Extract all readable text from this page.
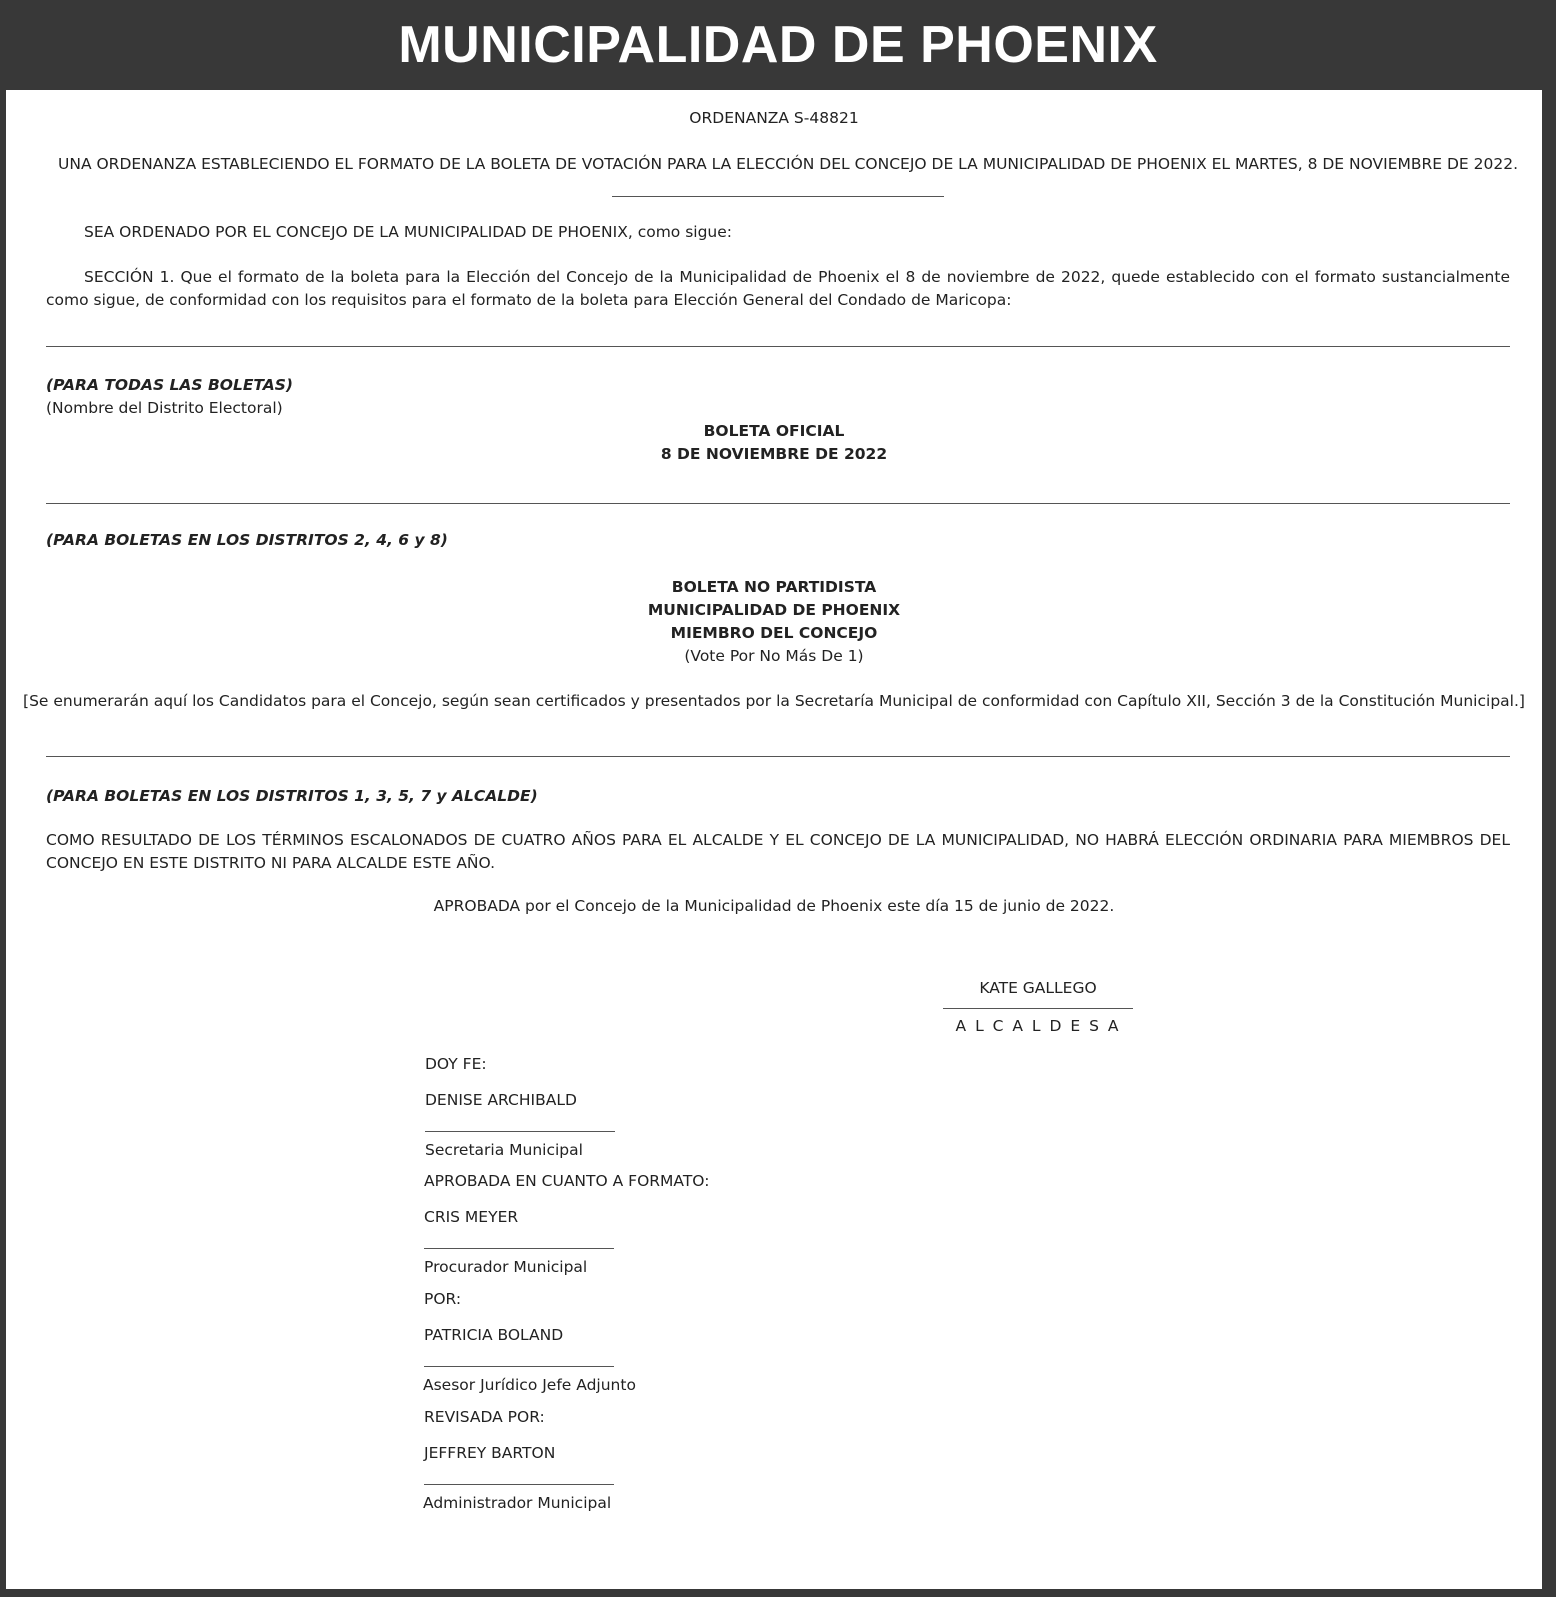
MUNICIPALIDAD DE PHOENIX
ORDENANZA S-48821
UNA ORDENANZA ESTABLECIENDO EL FORMATO DE LA BOLETA DE VOTACIÓN PARA LA ELECCIÓN DEL CONCEJO DE LA MUNICIPALIDAD DE PHOENIX EL MARTES, 8 DE NOVIEMBRE DE 2022.
SEA ORDENADO POR EL CONCEJO DE LA MUNICIPALIDAD DE PHOENIX, como sigue:
SECCIÓN 1. Que el formato de la boleta para la Elección del Concejo de la Municipalidad de Phoenix el 8 de noviembre de 2022, quede establecido con el formato sustancialmente como sigue, de conformidad con los requisitos para el formato de la boleta para Elección General del Condado de Maricopa:
(PARA TODAS LAS BOLETAS)
(Nombre del Distrito Electoral)
BOLETA OFICIAL
8 DE NOVIEMBRE DE 2022
(PARA BOLETAS EN LOS DISTRITOS 2, 4, 6 y 8)
BOLETA NO PARTIDISTA
MUNICIPALIDAD DE PHOENIX
MIEMBRO DEL CONCEJO
(Vote Por No Más De 1)
[Se enumerarán aquí los Candidatos para el Concejo, según sean certificados y presentados por la Secretaría Municipal de conformidad con Capítulo XII, Sección 3 de la Constitución Municipal.]
(PARA BOLETAS EN LOS DISTRITOS 1, 3, 5, 7 y ALCALDE)
COMO RESULTADO DE LOS TÉRMINOS ESCALONADOS DE CUATRO AÑOS PARA EL ALCALDE Y EL CONCEJO DE LA MUNICIPALIDAD, NO HABRÁ ELECCIÓN ORDINARIA PARA MIEMBROS DEL CONCEJO EN ESTE DISTRITO NI PARA ALCALDE ESTE AÑO.
APROBADA por el Concejo de la Municipalidad de Phoenix este día 15 de junio de 2022.
KATE GALLEGO
A L C A L D E S A
DOY FE:
DENISE ARCHIBALD
Secretaria Municipal
APROBADA EN CUANTO A FORMATO:
CRIS MEYER
Procurador Municipal
POR:
PATRICIA BOLAND
Asesor Jurídico Jefe Adjunto
REVISADA POR:
JEFFREY BARTON
Administrador Municipal
